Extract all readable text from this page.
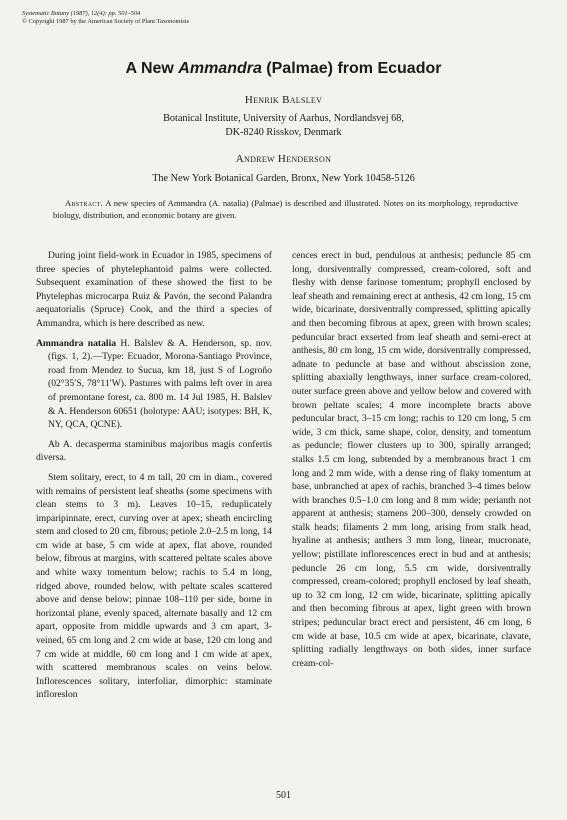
Systematic Botany (1987), 12(4): pp. 501–504
© Copyright 1987 by the American Society of Plant Taxonomists
A New Ammandra (Palmae) from Ecuador
Henrik Balslev
Botanical Institute, University of Aarhus, Nordlandsvej 68,
DK-8240 Risskov, Denmark
Andrew Henderson
The New York Botanical Garden, Bronx, New York 10458-5126
Abstract. A new species of Ammandra (A. natalia) (Palmae) is described and illustrated. Notes on its morphology, reproductive biology, distribution, and economic botany are given.

During joint field-work in Ecuador in 1985, specimens of three species of phytelephantoid palms were collected. Subsequent examination of these showed the first to be Phytelephas microcarpa Ruiz & Pavón, the second Palandra aequatorialis (Spruce) Cook, and the third a species of Ammandra, which is here described as new.

Ammandra natalia H. Balslev & A. Henderson, sp. nov. (figs. 1, 2).—Type: Ecuador, Morona-Santiago Province, road from Mendez to Sucua, km 18, just S of Logroño (02°35′S, 78°11′W). Pastures with palms left over in area of premontane forest, ca. 800 m. 14 Jul 1985, H. Balslev & A. Henderson 60651 (holotype: AAU; isotypes: BH, K, NY, QCA, QCNE).

Ab A. decasperma staminibus majoribus magis confertis diversa.

Stem solitary, erect, to 4 m tall, 20 cm in diam., covered with remains of persistent leaf sheaths (some specimens with clean stems to 3 m). Leaves 10–15, reduplicately imparipinnate, erect, curving over at apex; sheath encircling stem and closed to 20 cm, fibrous; petiole 2.0–2.5 m long, 14 cm wide at base, 5 cm wide at apex, flat above, rounded below, fibrous at margins, with scattered peltate scales above and white waxy tomentum below; rachis to 5.4 m long, ridged above, rounded below, with peltate scales scattered above and dense below; pinnae 108–110 per side, borne in horizontal plane, evenly spaced, alternate basally and 12 cm apart, opposite from middle upwards and 3 cm apart, 3-veined, 65 cm long and 2 cm wide at base, 120 cm long and 7 cm wide at middle, 60 cm long and 1 cm wide at apex, with scattered membranous scales on veins below. Inflorescences solitary, interfoliar, dimorphic: staminate infloreslon

cences erect in bud, pendulous at anthesis; peduncle 85 cm long, dorsiventrally compressed, cream-colored, soft and fleshy with dense farinose tomentum; prophyll enclosed by leaf sheath and remaining erect at anthesis, 42 cm long, 15 cm wide, bicarinate, dorsiventrally compressed, splitting apically and then becoming fibrous at apex, green with brown scales; peduncular bract exserted from leaf sheath and semi-erect at anthesis, 80 cm long, 15 cm wide, dorsiventrally compressed, adnate to peduncle at base and without abscission zone, splitting abaxially lengthways, inner surface cream-colored, outer surface green above and yellow below and covered with brown peltate scales; 4 more incomplete bracts above peduncular bract, 3–15 cm long; rachis to 120 cm long, 5 cm wide, 3 cm thick, same shape, color, density, and tomentum as peduncle; flower clusters up to 300, spirally arranged; stalks 1.5 cm long, subtended by a membranous bract 1 cm long and 2 mm wide, with a dense ring of flaky tomentum at base, unbranched at apex of rachis, branched 3–4 times below with branches 0.5–1.0 cm long and 8 mm wide; perianth not apparent at anthesis; stamens 200–300, densely crowded on stalk heads; filaments 2 mm long, arising from stalk head, hyaline at anthesis; anthers 3 mm long, linear, mucronate, yellow; pistillate inflorescences erect in bud and at anthesis; peduncle 26 cm long, 5.5 cm wide, dorsiventrally compressed, cream-colored; prophyll enclosed by leaf sheath, up to 32 cm long, 12 cm wide, bicarinate, splitting apically and then becoming fibrous at apex, light green with brown stripes; peduncular bract erect and persistent, 46 cm long, 6 cm wide at base, 10.5 cm wide at apex, bicarinate, clavate, splitting radially lengthways on both sides, inner surface cream-col-

501
